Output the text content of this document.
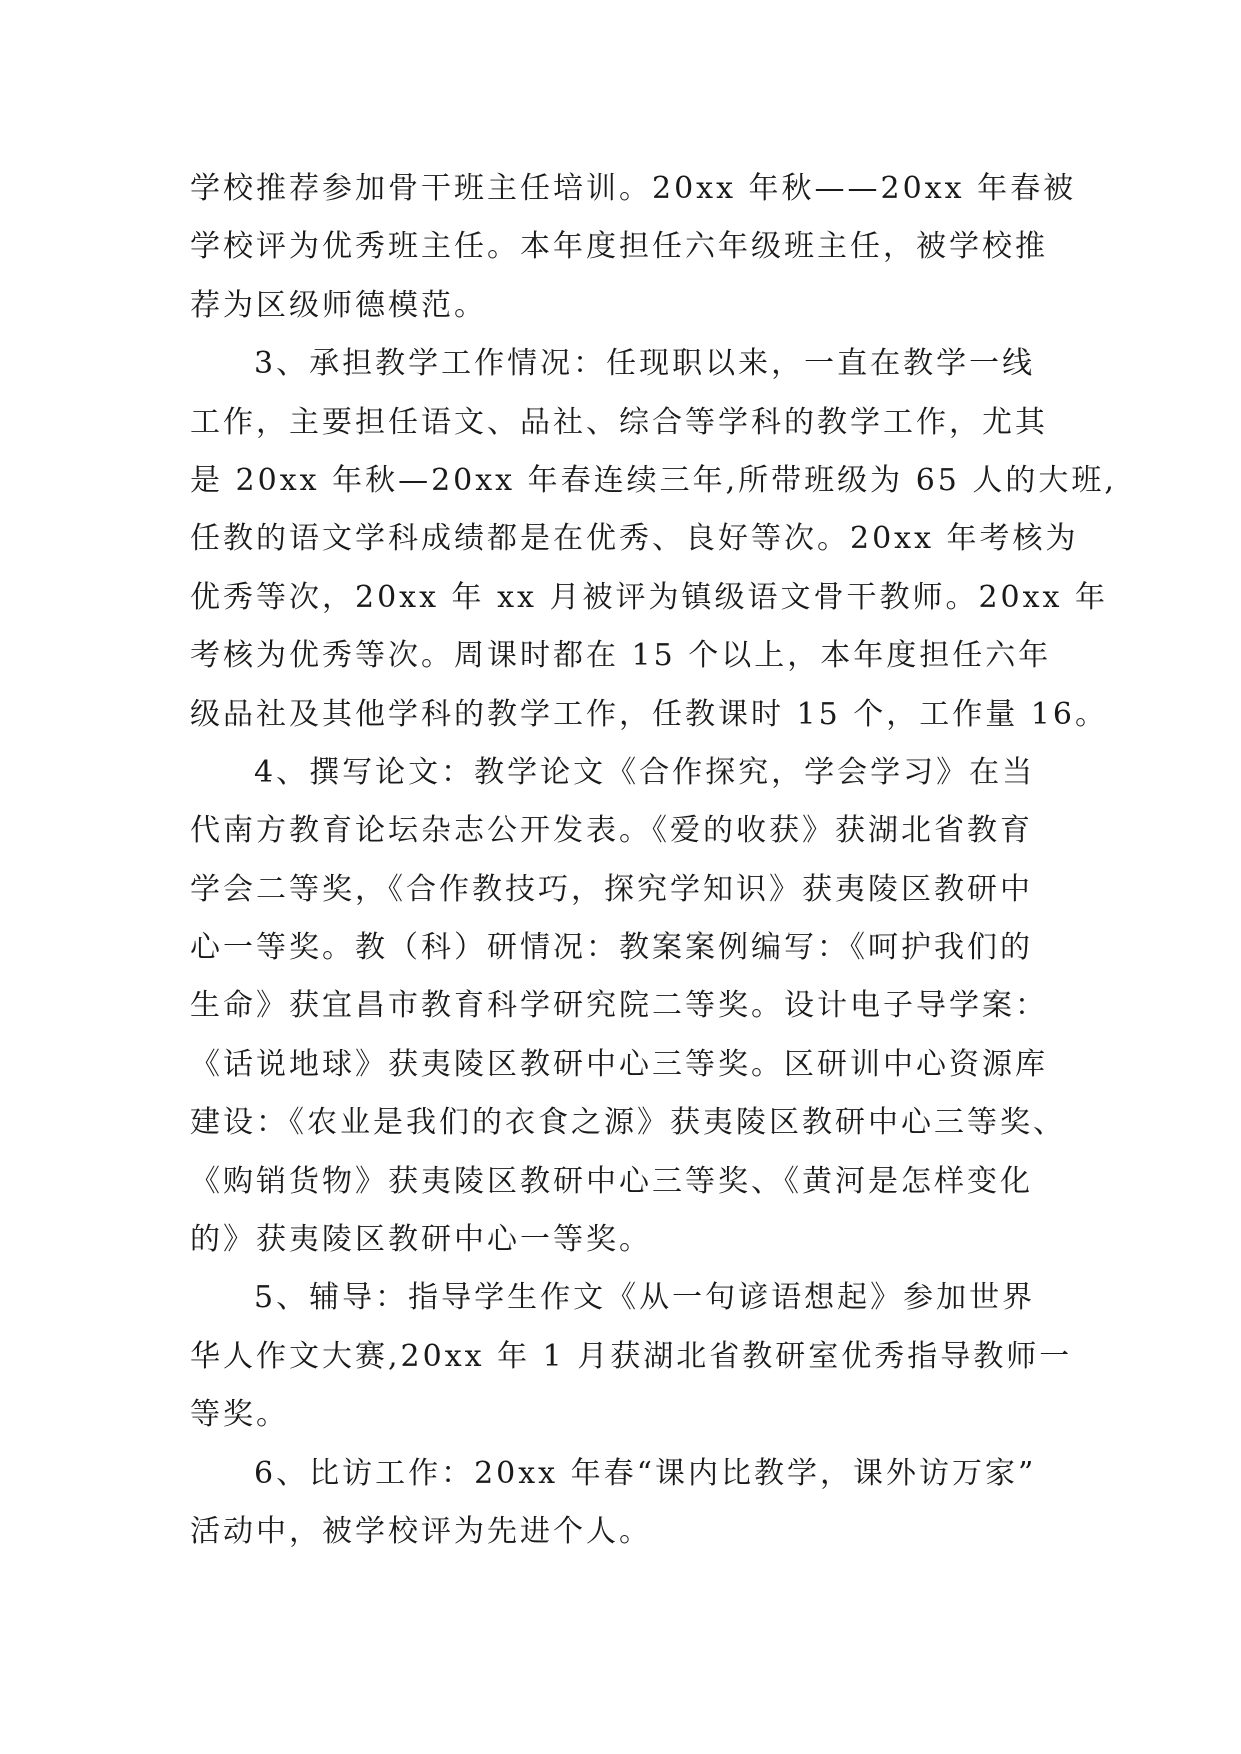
学校推荐参加骨干班主任培训。20xx 年秋——20xx 年春被
学校评为优秀班主任。本年度担任六年级班主任，被学校推
荐为区级师德模范。
3、承担教学工作情况：任现职以来，一直在教学一线
工作，主要担任语文、品社、综合等学科的教学工作，尤其
是 20xx 年秋—20xx 年春连续三年,所带班级为 65 人的大班,
任教的语文学科成绩都是在优秀、良好等次。20xx 年考核为
优秀等次，20xx 年 xx 月被评为镇级语文骨干教师。20xx 年
考核为优秀等次。周课时都在 15 个以上，本年度担任六年
级品社及其他学科的教学工作，任教课时 15 个，工作量 16。
4、撰写论文：教学论文《合作探究，学会学习》在当
代南方教育论坛杂志公开发表。《爱的收获》获湖北省教育
学会二等奖，《合作教技巧，探究学知识》获夷陵区教研中
心一等奖。教（科）研情况：教案案例编写：《呵护我们的
生命》获宜昌市教育科学研究院二等奖。设计电子导学案：
《话说地球》获夷陵区教研中心三等奖。区研训中心资源库
建设：《农业是我们的衣食之源》获夷陵区教研中心三等奖、
《购销货物》获夷陵区教研中心三等奖、《黄河是怎样变化
的》获夷陵区教研中心一等奖。
5、辅导：指导学生作文《从一句谚语想起》参加世界
华人作文大赛,20xx 年 1 月获湖北省教研室优秀指导教师一
等奖。
6、比访工作：20xx 年春“课内比教学，课外访万家”
活动中，被学校评为先进个人。
